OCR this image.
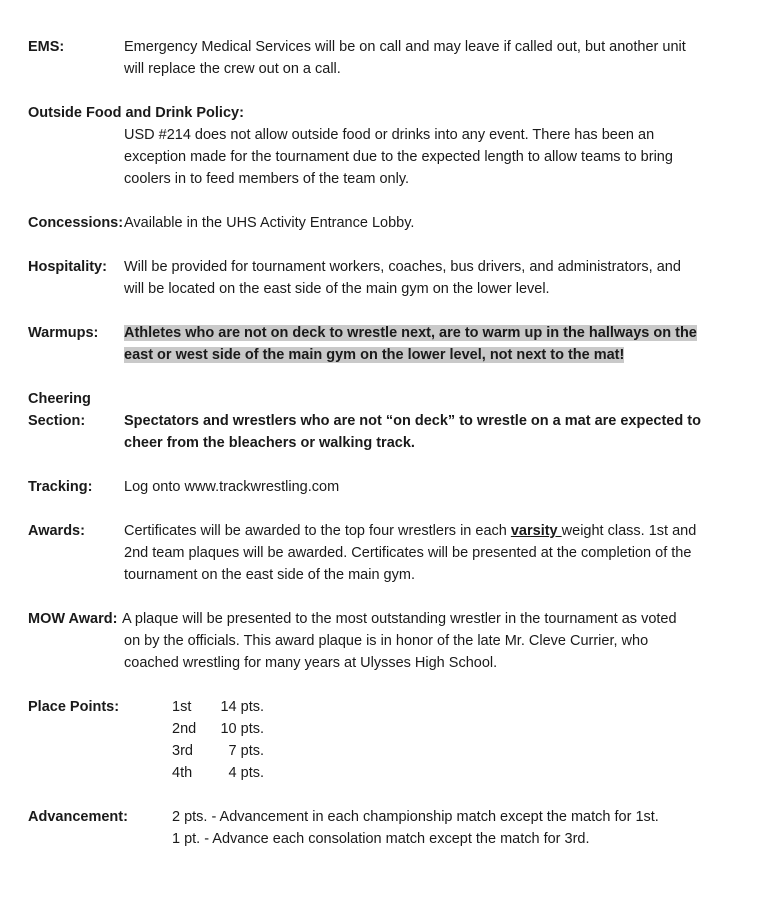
EMS:	Emergency Medical Services will be on call and may leave if called out, but another unit
will replace the crew out on a call.
Outside Food and Drink Policy:
USD #214 does not allow outside food or drinks into any event. There has been an
exception made for the tournament due to the expected length to allow teams to bring
coolers in to feed members of the team only.
Concessions: Available in the UHS Activity Entrance Lobby.
Hospitality: Will be provided for tournament workers, coaches, bus drivers, and administrators, and
will be located on the east side of the main gym on the lower level.
Warmups: Athletes who are not on deck to wrestle next, are to warm up in the hallways on the
east or west side of the main gym on the lower level, not next to the mat!
Cheering
Section:	Spectators and wrestlers who are not “on deck” to wrestle on a mat are expected to
cheer from the bleachers or walking track.
Tracking: Log onto www.trackwrestling.com
Awards:	Certificates will be awarded to the top four wrestlers in each varsity weight class. 1st and
2nd team plaques will be awarded. Certificates will be presented at the completion of the
tournament on the east side of the main gym.
MOW Award: A plaque will be presented to the most outstanding wrestler in the tournament as voted
on by the officials. This award plaque is in honor of the late Mr. Cleve Currier, who
coached wrestling for many years at Ulysses High School.
Place Points:	1st	14 pts.
2nd	10 pts.
3rd	7 pts.
4th	4 pts.
Advancement:	2 pts. - Advancement in each championship match except the match for 1st.
1 pt. - Advance each consolation match except the match for 3rd.
